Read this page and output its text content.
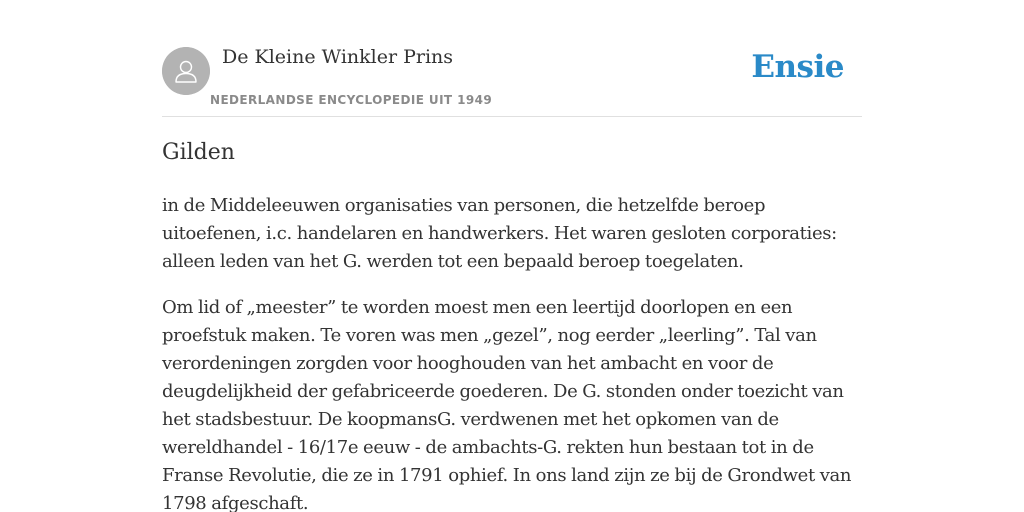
De Kleine Winkler Prins
NEDERLANDSE ENCYCLOPEDIE UIT 1949
Ensie
Gilden

in de Middeleeuwen organisaties van personen, die hetzelfde beroep uitoefenen, i.c. handelaren en handwerkers. Het waren gesloten corporaties: alleen leden van het G. werden tot een bepaald beroep toegelaten.

Om lid of „meester” te worden moest men een leertijd doorlopen en een proefstuk maken. Te voren was men „gezel”, nog eerder „leerling”. Tal van verordeningen zorgden voor hooghouden van het ambacht en voor de deugdelijkheid der gefabriceerde goederen. De G. stonden onder toezicht van het stadsbestuur. De koopmansG. verdwenen met het opkomen van de wereldhandel - 16/17e eeuw - de ambachts-G. rekten hun bestaan tot in de Franse Revolutie, die ze in 1791 ophief. In ons land zijn ze bij de Grondwet van 1798 afgeschaft.
